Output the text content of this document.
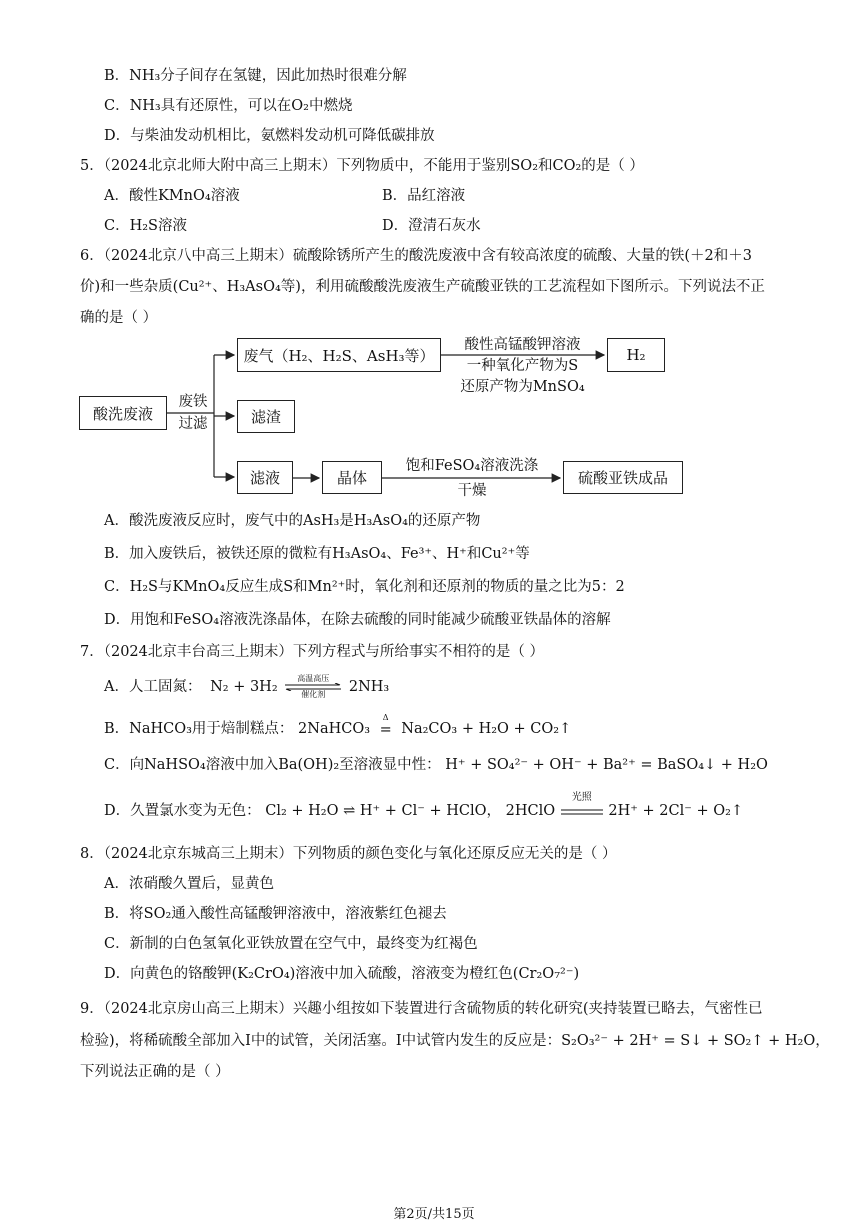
B．NH₃分子间存在氢键，因此加热时很难分解
C．NH₃具有还原性，可以在O₂中燃烧
D．与柴油发动机相比，氨燃料发动机可降低碳排放
5．（2024北京北师大附中高三上期末）下列物质中，不能用于鉴别SO₂和CO₂的是（ ）
A．酸性KMnO₄溶液	B．品红溶液
C．H₂S溶液	D．澄清石灰水
6．（2024北京八中高三上期末）硫酸除锈所产生的酸洗废液中含有较高浓度的硫酸、大量的铁(＋2和＋3
价)和一些杂质(Cu²⁺、H₃AsO₄等)，利用硫酸酸洗废液生产硫酸亚铁的工艺流程如下图所示。下列说法不正
确的是（ ）
酸洗废液
废铁
过滤
废气（H₂、H₂S、AsH₃等）
酸性高锰酸钾溶液
一种氧化产物为S
还原产物为MnSO₄
H₂
滤渣
滤液	晶体
饱和FeSO₄溶液洗涤
干燥
硫酸亚铁成品
A．酸洗废液反应时，废气中的AsH₃是H₃AsO₄的还原产物
B．加入废铁后，被铁还原的微粒有H₃AsO₄、Fe³⁺、H⁺和Cu²⁺等
C．H₂S与KMnO₄反应生成S和Mn²⁺时，氧化剂和还原剂的物质的量之比为5：2
D．用饱和FeSO₄溶液洗涤晶体，在除去硫酸的同时能减少硫酸亚铁晶体的溶解
7．（2024北京丰台高三上期末）下列方程式与所给事实不相符的是（ ）
A．人工固氮： N₂ + 3H₂
高温高压
催化剂	2NH₃
B．NaHCO₃用于焙制糕点： 2NaHCO₃
Δ
= Na₂CO₃ + H₂O + CO₂↑
C．向NaHSO₄溶液中加入Ba(OH)₂至溶液显中性： H⁺ + SO₄²⁻ + OH⁻ + Ba²⁺ = BaSO₄↓ + H₂O
D．久置氯水变为无色： Cl₂ + H₂O ⇌ H⁺ + Cl⁻ + HClO， 2HClO
光照
2H⁺ + 2Cl⁻ + O₂↑
8．（2024北京东城高三上期末）下列物质的颜色变化与氧化还原反应无关的是（ ）
A．浓硝酸久置后，显黄色
B．将SO₂通入酸性高锰酸钾溶液中，溶液紫红色褪去
C．新制的白色氢氧化亚铁放置在空气中，最终变为红褐色
D．向黄色的铬酸钾(K₂CrO₄)溶液中加入硫酸，溶液变为橙红色(Cr₂O₇²⁻)
9．（2024北京房山高三上期末）兴趣小组按如下装置进行含硫物质的转化研究(夹持装置已略去，气密性已
检验)，将稀硫酸全部加入Ⅰ中的试管，关闭活塞。Ⅰ中试管内发生的反应是：S₂O₃²⁻ + 2H⁺ = S↓ + SO₂↑ + H₂O，
下列说法正确的是（ ）
第2页/共15页
